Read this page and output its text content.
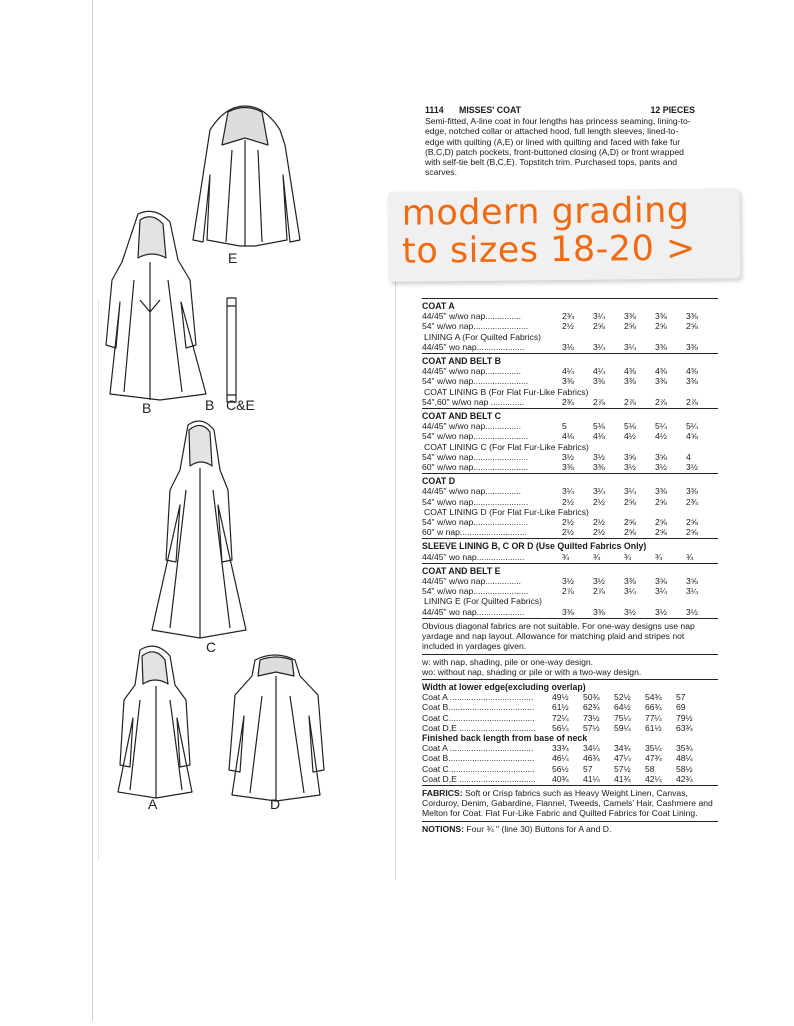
E
B	B C&E
C
A	D
1114	MISSES' COAT	12 PIECES
Semi-fitted, A-line coat in four lengths has princess seaming, lining-to-edge, notched collar or attached hood, full length sleeves, lined-to-edge with quilting (A,E) or lined with quilting and faced with fake fur (B,C,D) patch pockets, front-buttoned closing (A,D) or front wrapped with self-tie belt (B,C,E). Topstitch trim. Purchased tops, pants and scarves.
modern grading
to sizes 18-20 >
COAT A
44/45" w/wo nap...............	2¾	3¼	3⅜	3⅜	3⅜
54" w/wo nap.......................	2½	2⅝	2⅝	2⅝	2⅝
LINING A (For Quilted Fabrics)
44/45" wo nap....................	3⅛	3¼	3¼	3⅜	3⅜
COAT AND BELT B
44/45" w/wo nap...............	4¼	4¼	4⅜	4⅜	4⅜
54" w/wo nap.......................	3⅜	3⅜	3⅜	3⅜	3⅜
COAT LINING B (For Flat Fur-Like Fabrics)
54",60" w/wo nap ..............	2¾	2⅞	2⅞	2⅞	2⅞
COAT AND BELT C
44/45" w/wo nap...............	5	5⅛	5⅛	5¼	5¼
54" w/wo nap.......................	4⅛	4⅛	4½	4½	4⅝
COAT LINING C (For Flat Fur-Like Fabrics)
54" w/wo nap.......................	3½	3½	3⅝	3⅝	4
60" w/wo nap.......................	3⅜	3⅜	3½	3½	3½
COAT D
44/45" w/wo nap...............	3¼	3¼	3¼	3⅜	3⅜
54" w/wo nap.......................	2½	2½	2⅝	2⅝	2¾
COAT LINING D (For Flat Fur-Like Fabrics)
54" w/wo nap.......................	2½	2½	2⅝	2⅝	2⅝
60" w nap............................	2½	2½	2⅝	2⅝	2⅝
SLEEVE LINING B, C OR D (Use Quilted Fabrics Only)
44/45" wo nap....................	¾	¾	¾	¾	¾
COAT AND BELT E
44/45" w/wo nap...............	3½	3½	3⅜	3⅝	3⅝
54" w/wo nap.......................	2⅞	2⅞	3¼	3¼	3¼
LINING E (For Quilted Fabrics)
44/45" wo nap....................	3⅜	3⅜	3½	3½	3½
Obvious diagonal fabrics are not suitable. For one-way designs use nap yardage and nap layout. Allowance for matching plaid and stripes not included in yardages given.
w: with nap, shading, pile or one-way design.
wo: without nap, shading or pile or with a two-way design.
Width at lower edge(excluding overlap)
Coat A ...................................	49½	50¾	52½	54¾	57
Coat B....................................	61½	62¾	64½	66¾	69
Coat C....................................	72¼	73½	75¼	77¼	79½
Coat D,E ................................	56¼	57½	59¼	61½	63¾
Finished back length from base of neck
Coat A ...................................	33¾	34¼	34¾	35¼	35¾
Coat B....................................	46¼	46¾	47¼	47¾	48¼
Coat C....................................	56½	57	57½	58	58½
Coat D,E ................................	40¾	41¼	41¾	42¼	42¾
FABRICS: Soft or Crisp fabrics such as Heavy Weight Linen, Canvas, Corduroy, Denim, Gabardine, Flannel, Tweeds, Camels' Hair, Cashmere and Melton for Coat. Flat Fur-Like Fabric and Quilted Fabrics for Coat Lining.
NOTIONS: Four ¾ " (line 30) Buttons for A and D.
